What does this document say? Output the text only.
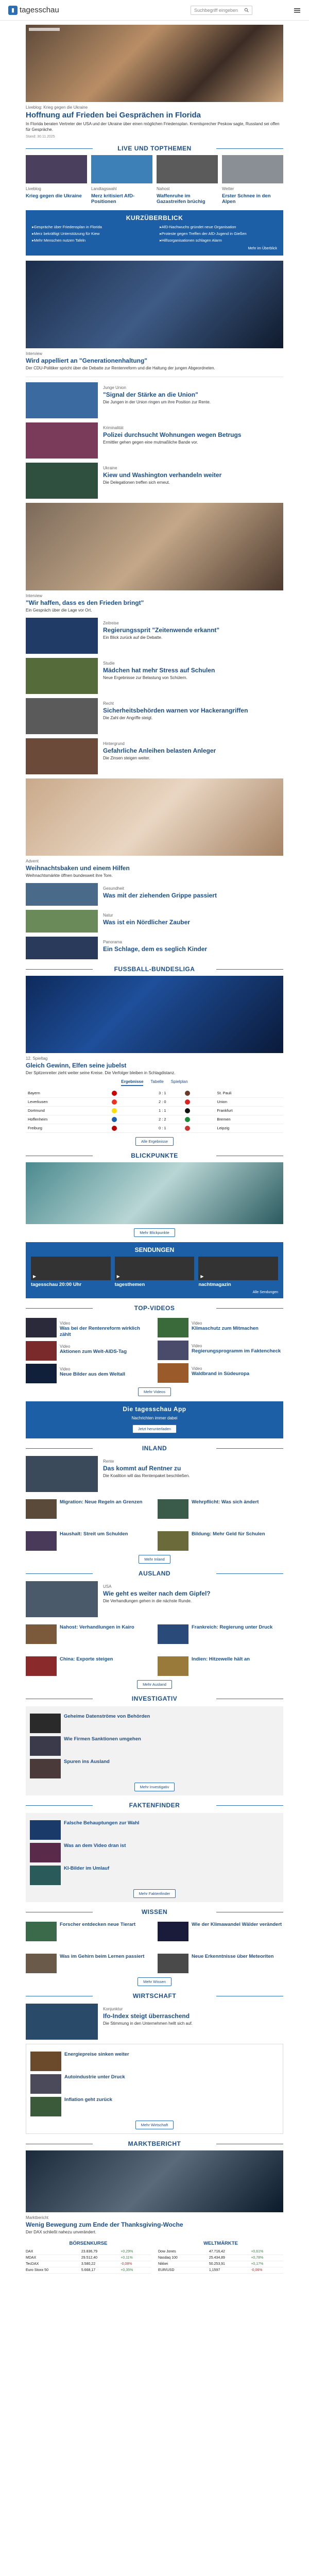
▮ tagesschau	Suchbegriff eingeben
Liveblog: Krieg gegen die Ukraine
Hoffnung auf Frieden bei Gesprächen in Florida
In Florida beraten Vertreter der USA und der Ukraine über einen möglichen Friedensplan. Kremlsprecher Peskow sagte, Russland sei offen für Gespräche.
Stand: 30.11.2025
LIVE UND TOPTHEMEN
Liveblog
Krieg gegen die Ukraine
Landtagswahl
Merz kritisiert AfD-Positionen
Nahost
Waffenruhe im Gazastreifen brüchig
Wetter
Erster Schnee in den Alpen
KURZÜBERBLICK
▸ Gespräche über Friedensplan in Florida	▸ AfD-Nachwuchs gründet neue Organisation
▸ Merz bekräftigt Unterstützung für Kiew	▸ Proteste gegen Treffen der AfD-Jugend in Gießen
▸ Mehr Menschen nutzen Tafeln	▸ Hilfsorganisationen schlagen Alarm
Mehr im Überblick
Interview
Wird appelliert an "Generationenhaltung"
Der CDU-Politiker spricht über die Debatte zur Rentenreform und die Haltung der jungen Abgeordneten.
Junge Union
"Signal der Stärke an die Union"
Die Jungen in der Union ringen um ihre Position zur Rente.
Kriminalität
Polizei durchsucht Wohnungen wegen Betrugs
Ermittler gehen gegen eine mutmaßliche Bande vor.
Ukraine
Kiew und Washington verhandeln weiter
Die Delegationen treffen sich erneut.
Interview
"Wir haffen, dass es den Frieden bringt"
Ein Gespräch über die Lage vor Ort.
Zeitreise
Regierungssprit "Zeitenwende erkannt"
Ein Blick zurück auf die Debatte.
Studie
Mädchen hat mehr Stress auf Schulen
Neue Ergebnisse zur Belastung von Schülern.
Recht
Sicherheitsbehörden warnen vor Hackerangriffen
Die Zahl der Angriffe steigt.
Hintergrund
Gefahrliche Anleihen belasten Anleger
Die Zinsen steigen weiter.
Advent
Weihnachtsbaken und einem Hilfen
Weihnachtsmärkte öffnen bundesweit ihre Tore.
Gesundheit
Was mit der ziehenden Grippe passiert
Natur
Was ist ein Nördlicher Zauber
Panorama
Ein Schlage, dem es seglich Kinder
FUSSBALL-BUNDESLIGA
12. Spieltag
Gleich Gewinn, Elfen seine jubelst
Der Spitzenreiter zieht weiter seine Kreise. Die Verfolger bleiben in Schlagdistanz.
Ergebnisse Tabelle Spielplan
Bayern		3 : 1		St. Pauli
Leverkusen		2 : 0		Union
Dortmund		1 : 1		Frankfurt
Hoffenheim		2 : 2		Bremen
Freiburg		0 : 1		Leipzig
Alle Ergebnisse
BLICKPUNKTE
Mehr Blickpunkte
SENDUNGEN
▶
tagesschau 20:00 Uhr
▶	tagesthemen
▶	nachtmagazin
Alle Sendungen
TOP-VIDEOS
Video
Was bei der Rentenreform wirklich zählt
Video
Aktionen zum Welt-AIDS-Tag
Video
Neue Bilder aus dem Weltall
Video
Klimaschutz zum Mitmachen
Video
Regierungsprogramm im Faktencheck
Video
Waldbrand in Südeuropa
Mehr Videos
Die tagesschau App
Nachrichten immer dabei
Jetzt herunterladen
INLAND
Rente
Das kommt auf Rentner zu
Die Koalition will das Rentenpaket beschließen.
Migration: Neue Regeln an Grenzen	Wehrpflicht: Was sich ändert
Haushalt: Streit um Schulden	Bildung: Mehr Geld für Schulen
Mehr Inland
AUSLAND
USA
Wie geht es weiter nach dem Gipfel?
Die Verhandlungen gehen in die nächste Runde.
Nahost: Verhandlungen in Kairo	Frankreich: Regierung unter Druck
China: Exporte steigen	Indien: Hitzewelle hält an
Mehr Ausland
INVESTIGATIV
Geheime Datenströme von Behörden
Wie Firmen Sanktionen umgehen
Spuren ins Ausland
Mehr Investigativ
FAKTENFINDER
Falsche Behauptungen zur Wahl
Was an dem Video dran ist
KI-Bilder im Umlauf
Mehr Faktenfinder
WISSEN
Forscher entdecken neue Tierart	Wie der Klimawandel Wälder verändert
Was im Gehirn beim Lernen passiert	Neue Erkenntnisse über Meteoriten
Mehr Wissen
WIRTSCHAFT
Konjunktur
Ifo-Index steigt überraschend
Die Stimmung in den Unternehmen hellt sich auf.
Energiepreise sinken weiter
Autoindustrie unter Druck
Inflation geht zurück
Mehr Wirtschaft
MARKTBERICHT
Marktbericht
Wenig Bewegung zum Ende der Thanksgiving-Woche
Der DAX schließt nahezu unverändert.
BÖRSENKURSE
DAX	23.836,79	+0,29%
MDAX	29.512,40	+0,11%
TecDAX	3.580,22	-0,08%
Euro Stoxx 50	5.668,17	+0,35%
WELTMÄRKTE
Dow Jones	47.716,42	+0,61%
Nasdaq 100	25.434,89	+0,78%
Nikkei	50.253,91	+0,17%
EUR/USD	1,1597	-0,06%
